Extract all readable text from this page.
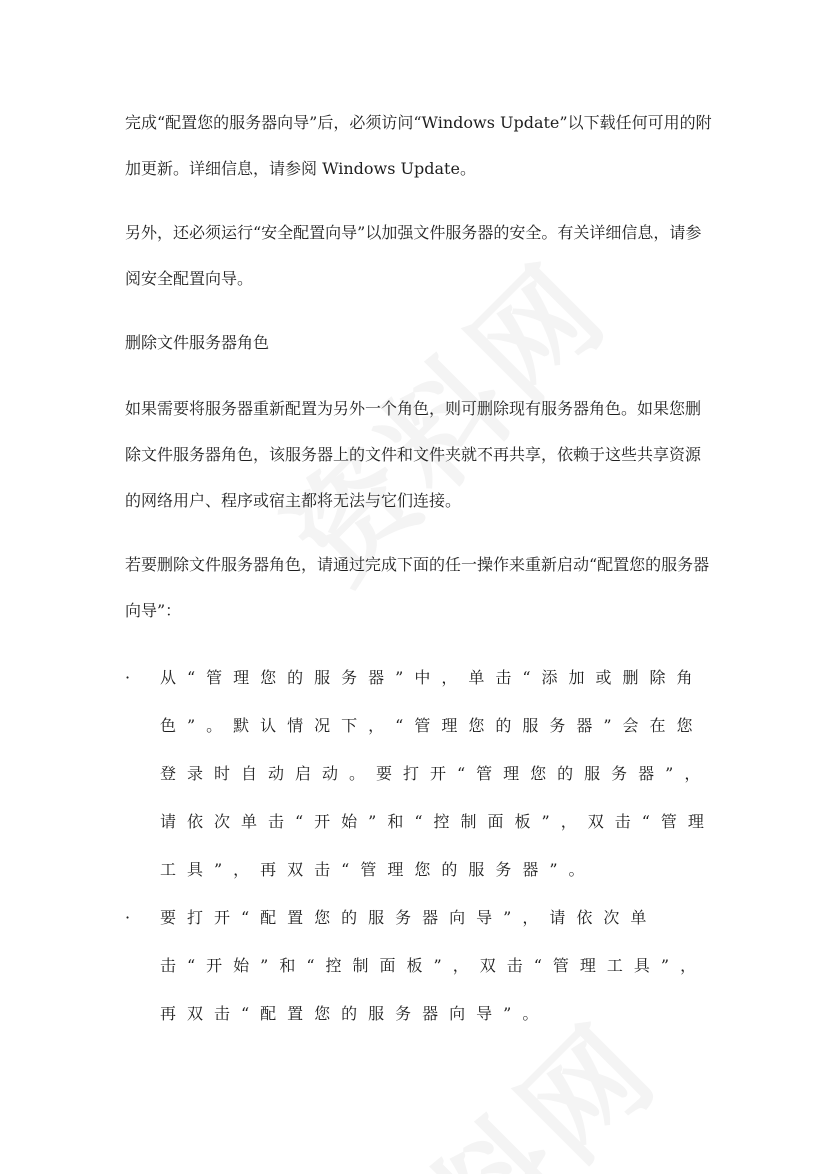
完成“配置您的服务器向导”后，必须访问“Windows Update”以下载任何可用的附加更新。详细信息，请参阅 Windows Update。

另外，还必须运行“安全配置向导”以加强文件服务器的安全。有关详细信息，请参阅安全配置向导。

删除文件服务器角色

如果需要将服务器重新配置为另外一个角色，则可删除现有服务器角色。如果您删除文件服务器角色，该服务器上的文件和文件夹就不再共享，依赖于这些共享资源的网络用户、程序或宿主都将无法与它们连接。

若要删除文件服务器角色，请通过完成下面的任一操作来重新启动“配置您的服务器向导”：

· 从“管理您的服务器”中，单击“添加或删除角色”。默认情况下，“管理您的服务器”会在您登录时自动启动。要打开“管理您的服务器”，请依次单击“开始”和“控制面板”，双击“管理工具”，再双击“管理您的服务器”。
· 要打开“配置您的服务器向导”，请依次单击“开始”和“控制面板”，双击“管理工具”，再双击“配置您的服务器向导”。
